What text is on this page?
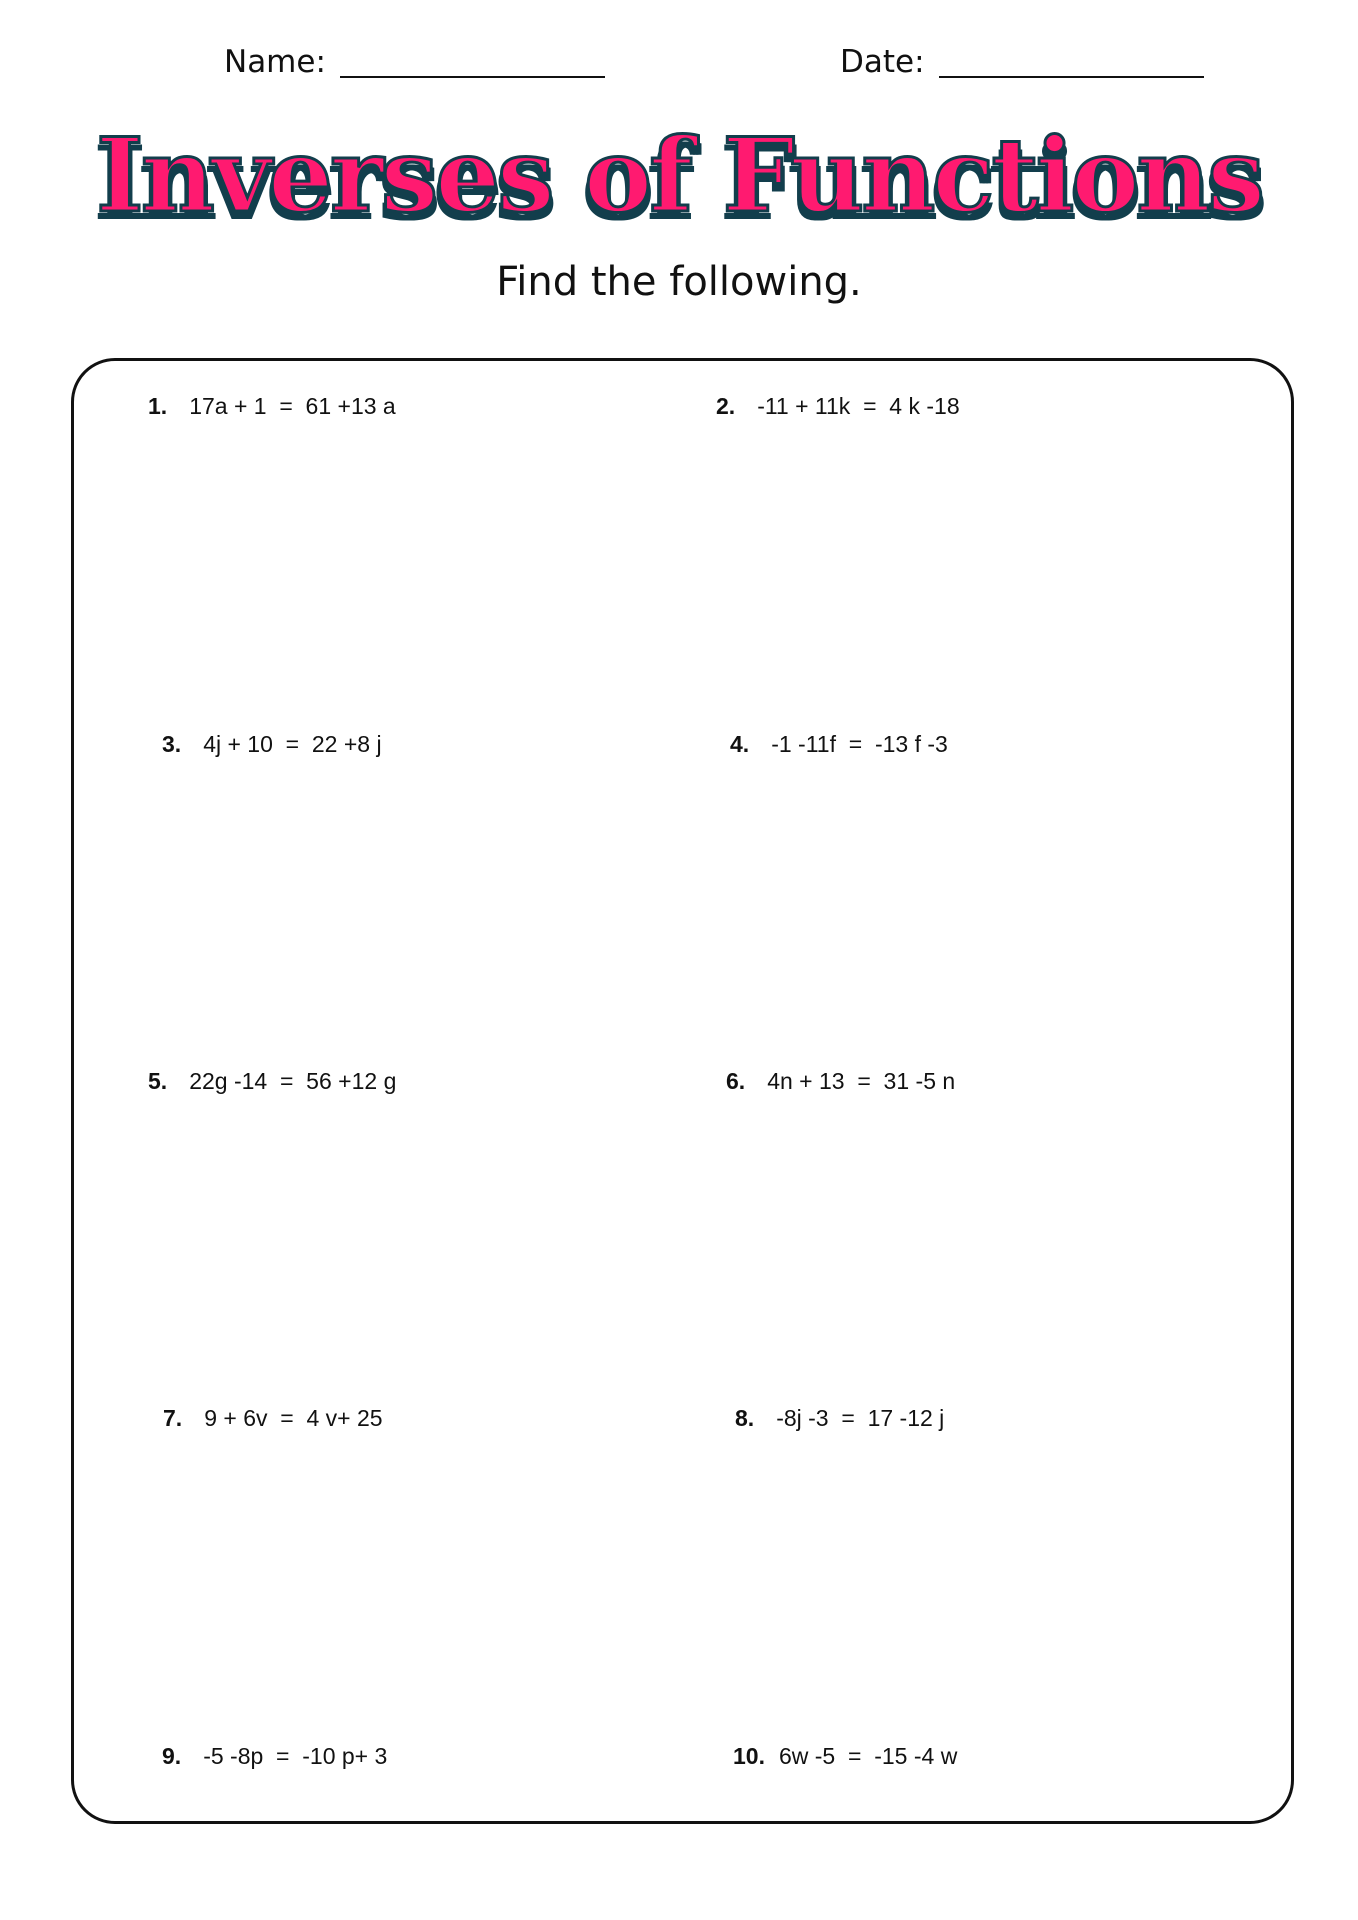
Name:	Date:
Inverses of Functions
Find the following.
1. 17a + 1  =  61 +13 a	2. -11 + 11k  =  4 k -18
3. 4j + 10  =  22 +8 j	4. -1 -11f  =  -13 f -3
5. 22g -14  =  56 +12 g	6. 4n + 13  =  31 -5 n
7. 9 + 6v  =  4 v+ 25	8. -8j -3  =  17 -12 j
9. -5 -8p  =  -10 p+ 3	10. 6w -5  =  -15 -4 w
